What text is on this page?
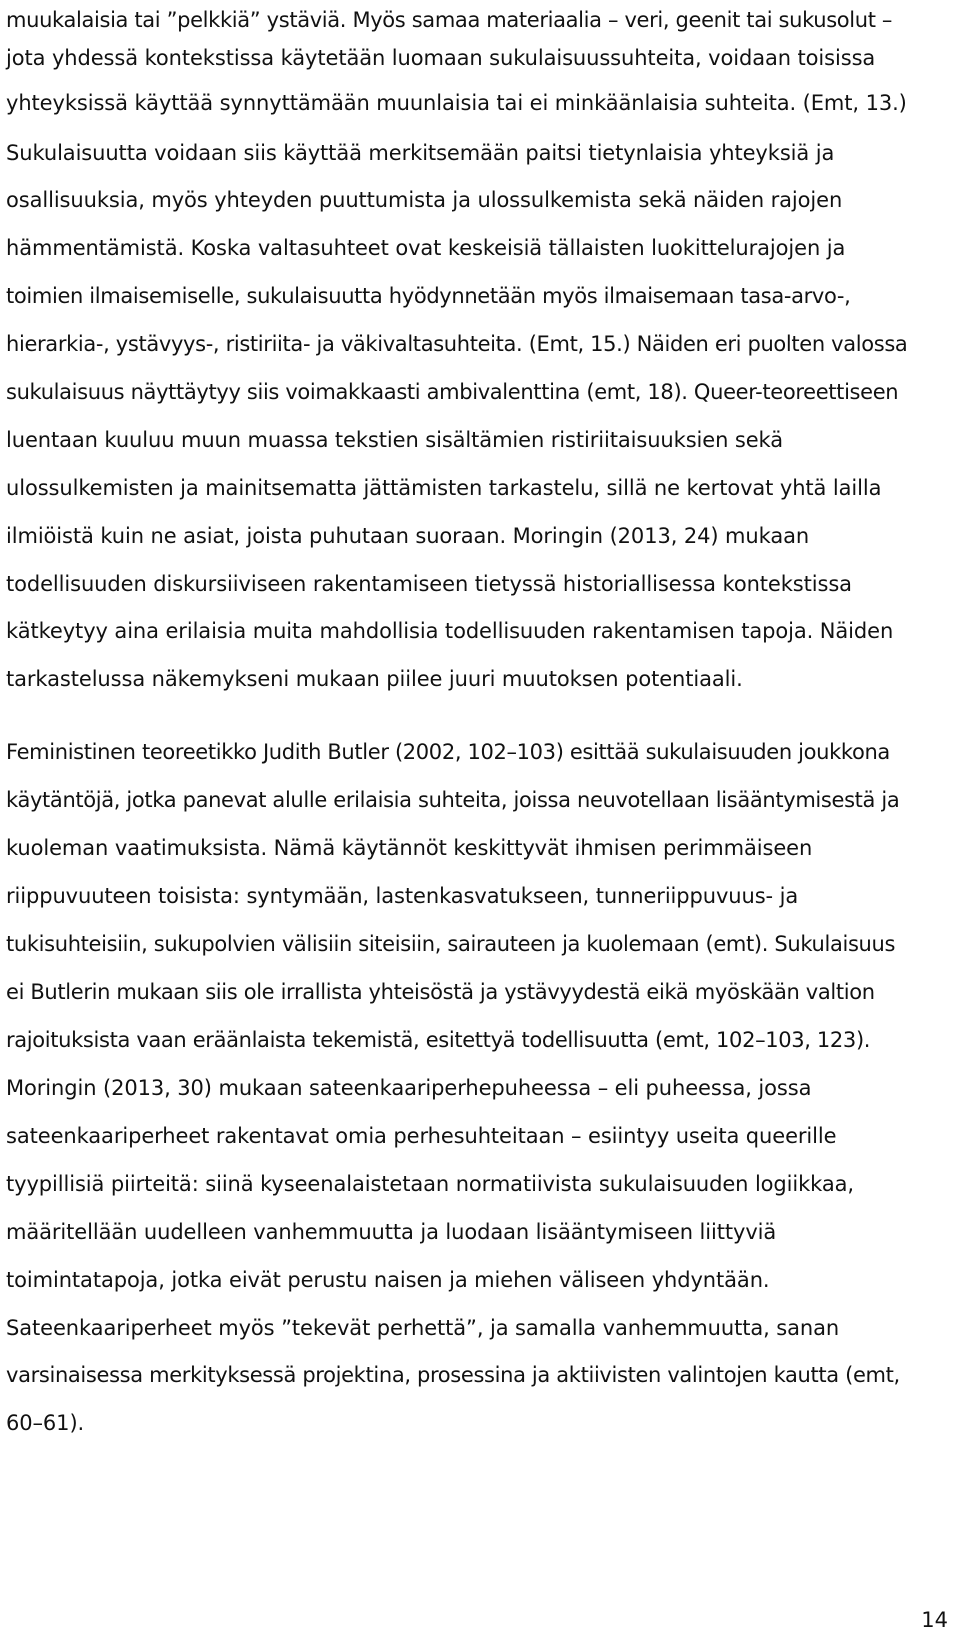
muukalaisia tai ”pelkkiä” ystäviä. Myös samaa materiaalia – veri, geenit tai sukusolut –
jota yhdessä kontekstissa käytetään luomaan sukulaisuussuhteita, voidaan toisissa
yhteyksissä käyttää synnyttämään muunlaisia tai ei minkäänlaisia suhteita. (Emt, 13.)
Sukulaisuutta voidaan siis käyttää merkitsemään paitsi tietynlaisia yhteyksiä ja
osallisuuksia, myös yhteyden puuttumista ja ulossulkemista sekä näiden rajojen
hämmentämistä. Koska valtasuhteet ovat keskeisiä tällaisten luokittelurajojen ja
toimien ilmaisemiselle, sukulaisuutta hyödynnetään myös ilmaisemaan tasa-arvo-,
hierarkia-, ystävyys-, ristiriita- ja väkivaltasuhteita. (Emt, 15.) Näiden eri puolten valossa
sukulaisuus näyttäytyy siis voimakkaasti ambivalenttina (emt, 18). Queer-teoreettiseen
luentaan kuuluu muun muassa tekstien sisältämien ristiriitaisuuksien sekä
ulossulkemisten ja mainitsematta jättämisten tarkastelu, sillä ne kertovat yhtä lailla
ilmiöistä kuin ne asiat, joista puhutaan suoraan. Moringin (2013, 24) mukaan
todellisuuden diskursiiviseen rakentamiseen tietyssä historiallisessa kontekstissa
kätkeytyy aina erilaisia muita mahdollisia todellisuuden rakentamisen tapoja. Näiden
tarkastelussa näkemykseni mukaan piilee juuri muutoksen potentiaali.
Feministinen teoreetikko Judith Butler (2002, 102–103) esittää sukulaisuuden joukkona
käytäntöjä, jotka panevat alulle erilaisia suhteita, joissa neuvotellaan lisääntymisestä ja
kuoleman vaatimuksista. Nämä käytännöt keskittyvät ihmisen perimmäiseen
riippuvuuteen toisista: syntymään, lastenkasvatukseen, tunneriippuvuus- ja
tukisuhteisiin, sukupolvien välisiin siteisiin, sairauteen ja kuolemaan (emt). Sukulaisuus
ei Butlerin mukaan siis ole irrallista yhteisöstä ja ystävyydestä eikä myöskään valtion
rajoituksista vaan eräänlaista tekemistä, esitettyä todellisuutta (emt, 102–103, 123).
Moringin (2013, 30) mukaan sateenkaariperhepuheessa – eli puheessa, jossa
sateenkaariperheet rakentavat omia perhesuhteitaan – esiintyy useita queerille
tyypillisiä piirteitä: siinä kyseenalaistetaan normatiivista sukulaisuuden logiikkaa,
määritellään uudelleen vanhemmuutta ja luodaan lisääntymiseen liittyviä
toimintatapoja, jotka eivät perustu naisen ja miehen väliseen yhdyntään.
Sateenkaariperheet myös ”tekevät perhettä”, ja samalla vanhemmuutta, sanan
varsinaisessa merkityksessä projektina, prosessina ja aktiivisten valintojen kautta (emt,
60–61).
14
